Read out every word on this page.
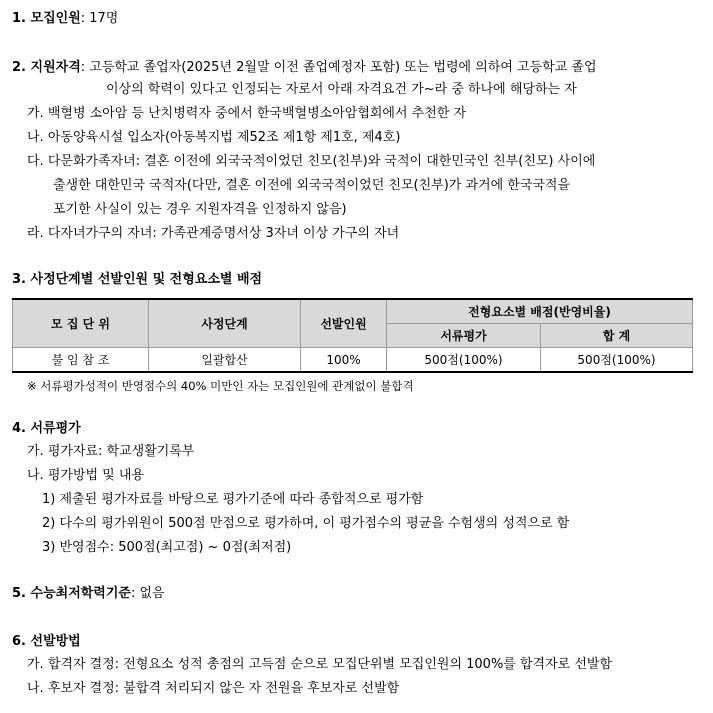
1. 모집인원: 17명
2. 지원자격: 고등학교 졸업자(2025년 2월말 이전 졸업예정자 포함) 또는 법령에 의하여 고등학교 졸업
이상의 학력이 있다고 인정되는 자로서 아래 자격요건 가~라 중 하나에 해당하는 자
가. 백혈병 소아암 등 난치병력자 중에서 한국백혈병소아암협회에서 추천한 자
나. 아동양육시설 입소자(아동복지법 제52조 제1항 제1호, 제4호)
다. 다문화가족자녀: 결혼 이전에 외국국적이었던 친모(친부)와 국적이 대한민국인 친부(친모) 사이에
출생한 대한민국 국적자(다만, 결혼 이전에 외국국적이었던 친모(친부)가 과거에 한국국적을
포기한 사실이 있는 경우 지원자격을 인정하지 않음)
라. 다자녀가구의 자녀: 가족관계증명서상 3자녀 이상 가구의 자녀
3. 사정단계별 선발인원 및 전형요소별 배점
모 집 단 위	사정단계	선발인원	전형요소별 배점(반영비율)	
			서류평가	합 계
불 임 참 조	일괄합산	100%	500점(100%)	500점(100%)
※ 서류평가성적이 반영점수의 40% 미만인 자는 모집인원에 관계없이 불합격
4. 서류평가
가. 평가자료: 학교생활기록부
나. 평가방법 및 내용
1) 제출된 평가자료를 바탕으로 평가기준에 따라 종합적으로 평가함
2) 다수의 평가위원이 500점 만점으로 평가하며, 이 평가점수의 평균을 수험생의 성적으로 함
3) 반영점수: 500점(최고점) ~ 0점(최저점)
5. 수능최저학력기준: 없음
6. 선발방법
가. 합격자 결정: 전형요소 성적 총점의 고득점 순으로 모집단위별 모집인원의 100%를 합격자로 선발함
나. 후보자 결정: 불합격 처리되지 않은 자 전원을 후보자로 선발함
